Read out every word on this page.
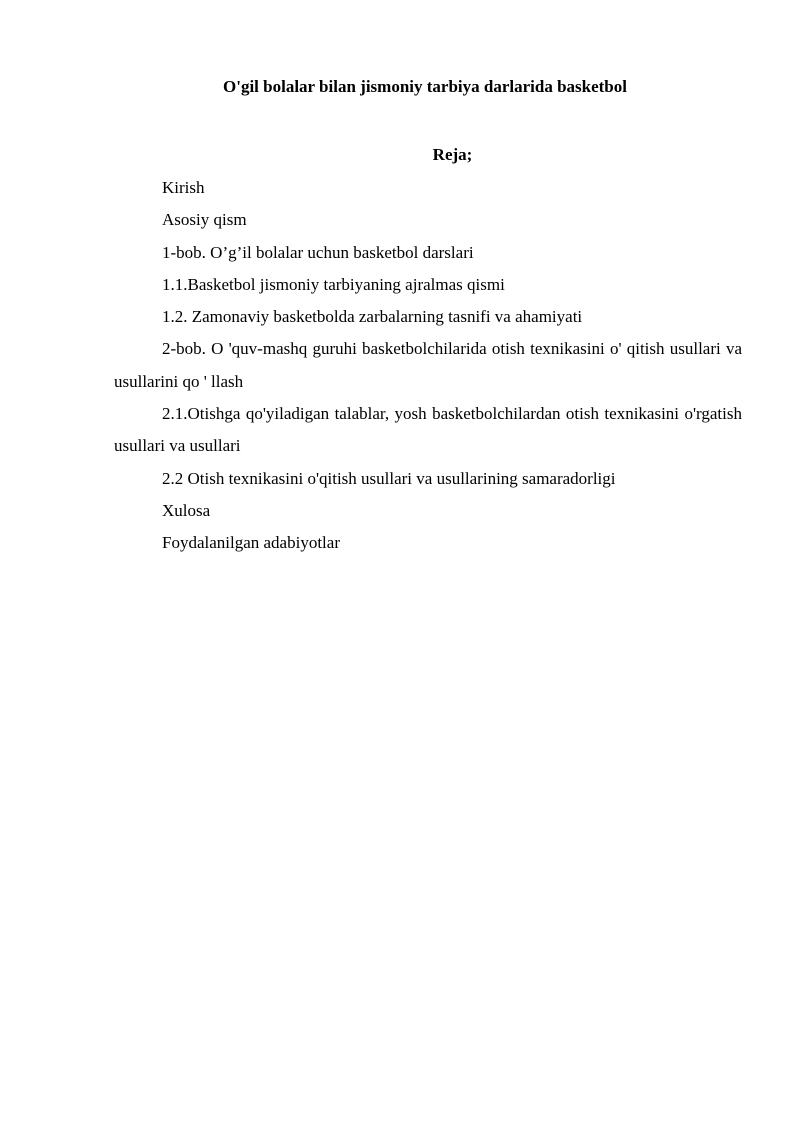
O'gil bolalar bilan jismoniy tarbiya darlarida basketbol
Reja;
Kirish
Asosiy qism
1-bob. O’g’il bolalar uchun basketbol darslari
1.1.Basketbol jismoniy tarbiyaning ajralmas qismi
1.2. Zamonaviy basketbolda zarbalarning tasnifi va ahamiyati
2-bob. O 'quv-mashq guruhi basketbolchilarida otish texnikasini o' qitish usullari va usullarini qo ' llash
2.1.Otishga qo'yiladigan talablar, yosh basketbolchilardan otish texnikasini o'rgatish usullari va usullari
2.2 Otish texnikasini o'qitish usullari va usullarining samaradorligi
Xulosa
Foydalanilgan adabiyotlar
